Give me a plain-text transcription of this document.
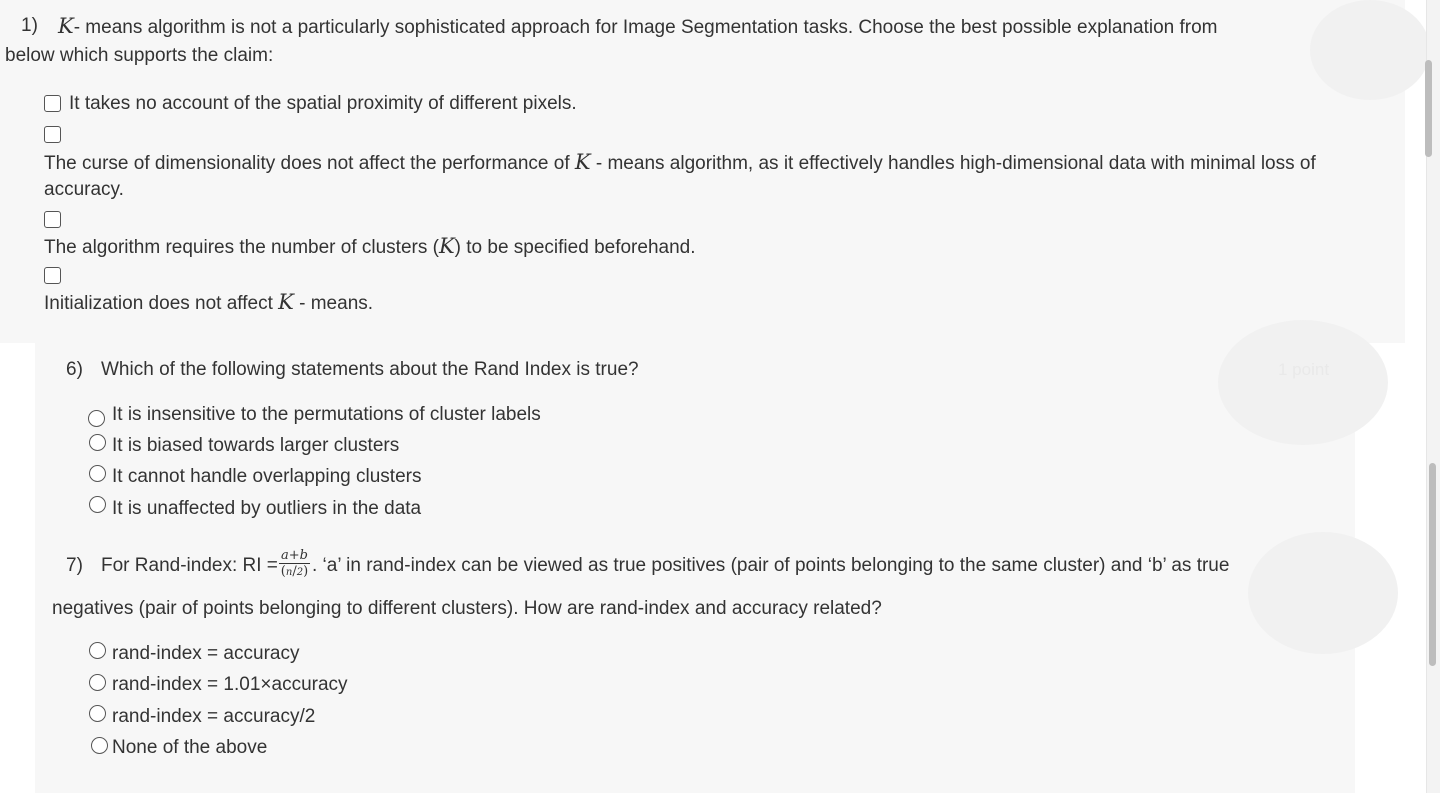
1 point
1) K- means algorithm is not a particularly sophisticated approach for Image Segmentation tasks. Choose the best possible explanation from
below which supports the claim:
It takes no account of the spatial proximity of different pixels.
The curse of dimensionality does not affect the performance of K - means algorithm, as it effectively handles high-dimensional data with minimal loss of
accuracy.
The algorithm requires the number of clusters (K) to be specified beforehand.
Initialization does not affect K - means.
6) Which of the following statements about the Rand Index is true?
It is insensitive to the permutations of cluster labels
It is biased towards larger clusters
It cannot handle overlapping clusters
It is unaffected by outliers in the data
7) For Rand-index: RI = $\frac{a+b}{(n/2)}$ . ‘a’ in rand-index can be viewed as true positives (pair of points belonging to the same cluster) and ‘b’ as true
negatives (pair of points belonging to different clusters). How are rand-index and accuracy related?
rand-index = accuracy
rand-index = 1.01×accuracy
rand-index = accuracy/2
None of the above
